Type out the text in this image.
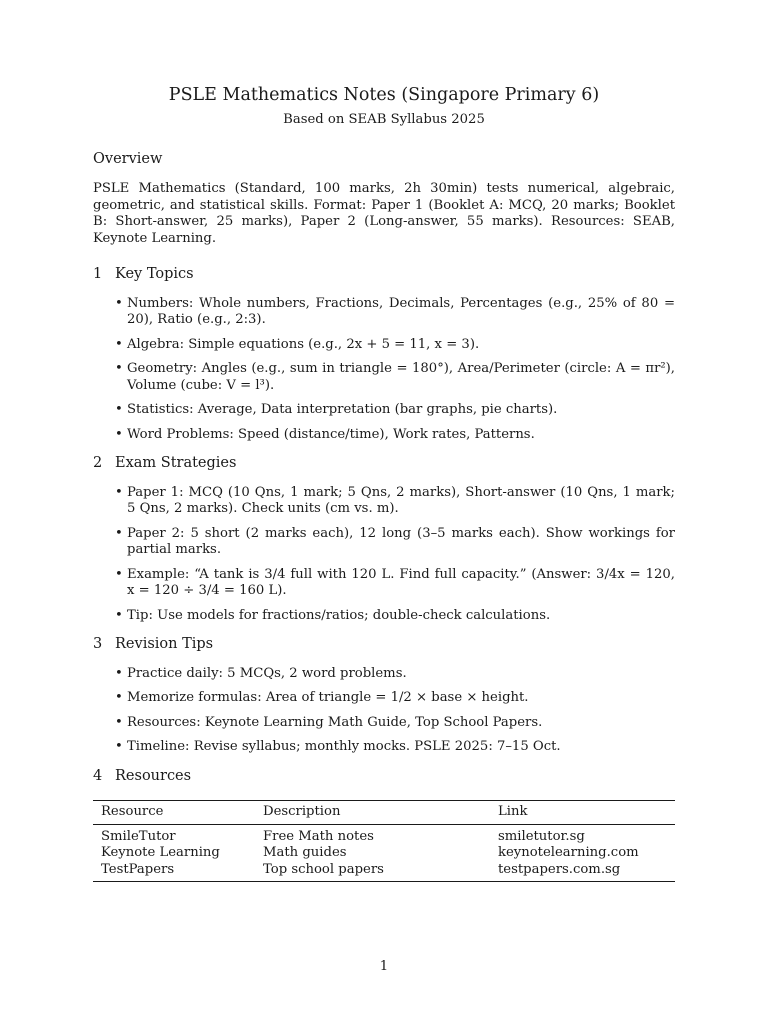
PSLE Mathematics Notes (Singapore Primary 6)
Based on SEAB Syllabus 2025
Overview

PSLE Mathematics (Standard, 100 marks, 2h 30min) tests numerical, algebraic, geometric, and statistical skills. Format: Paper 1 (Booklet A: MCQ, 20 marks; Booklet B: Short-answer, 25 marks), Paper 2 (Long-answer, 55 marks). Resources: SEAB, Keynote Learning.

1 Key Topics
• Numbers: Whole numbers, Fractions, Decimals, Percentages (e.g., 25% of 80 = 20), Ratio (e.g., 2:3).
• Algebra: Simple equations (e.g., 2x + 5 = 11, x = 3).
• Geometry: Angles (e.g., sum in triangle = 180°), Area/Perimeter (circle: A = πr²), Volume (cube: V = l³).
• Statistics: Average, Data interpretation (bar graphs, pie charts).
• Word Problems: Speed (distance/time), Work rates, Patterns.
2 Exam Strategies
• Paper 1: MCQ (10 Qns, 1 mark; 5 Qns, 2 marks), Short-answer (10 Qns, 1 mark; 5 Qns, 2 marks). Check units (cm vs. m).
• Paper 2: 5 short (2 marks each), 12 long (3–5 marks each). Show workings for partial marks.
• Example: “A tank is 3/4 full with 120 L. Find full capacity.” (Answer: 3/4x = 120, x = 120 ÷ 3/4 = 160 L).
• Tip: Use models for fractions/ratios; double-check calculations.
3 Revision Tips
• Practice daily: 5 MCQs, 2 word problems.
• Memorize formulas: Area of triangle = 1/2 × base × height.
• Resources: Keynote Learning Math Guide, Top School Papers.
• Timeline: Revise syllabus; monthly mocks. PSLE 2025: 7–15 Oct.
4 Resources
Resource	Description	Link
SmileTutor	Free Math notes	smiletutor.sg
Keynote Learning	Math guides	keynotelearning.com
TestPapers	Top school papers	testpapers.com.sg
1
